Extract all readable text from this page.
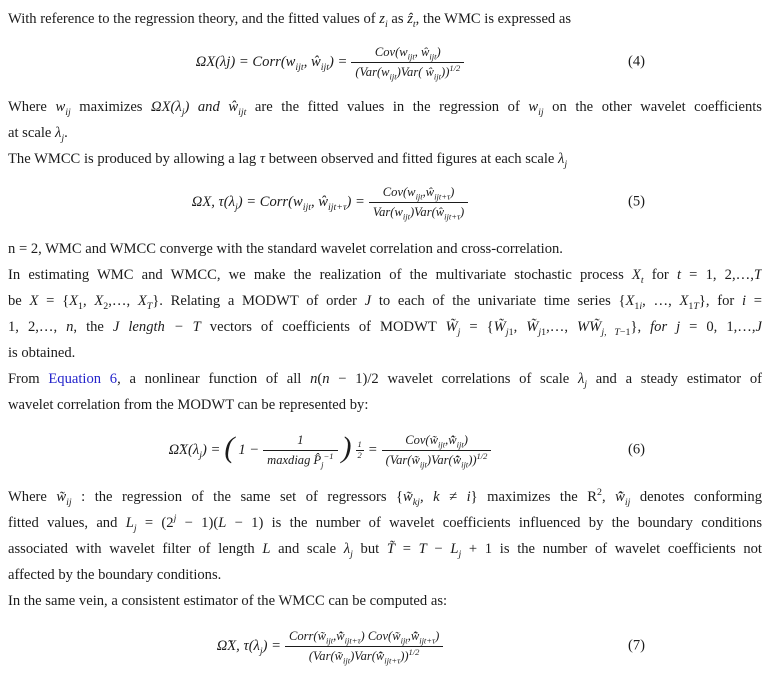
With reference to the regression theory, and the fitted values of $z_i$ as ẑ$_t$, the WMC is expressed as

$\Omega X(\lambda j) = Corr(w_{ijt}$, $ŵ_{ijt}) = \frac{Cov(w_{ijt}, ŵ_{ijt})}{(Var(w_{ijt})Var( ŵ_{ijt}))^{1/2}}$	(4)

Where $w_{ij}$ maximizes $\Omega X(\lambda_j)$ and $ŵ_{ijt}$ are the fitted values in the regression of $w_{ij}$ on the other wavelet coefficients

at scale $\lambda_j$.

The WMCC is produced by allowing a lag τ between observed and fitted figures at each scale $\lambda_j$

ΩX, $\tau(\lambda_j)$ = $Corr(w_{ijt}$, $ŵ_{ijt+\tau}) = \frac{Cov(w_{ijt},ŵ_{ijt+\tau})}{Var(w_{ijt})Var(ŵ_{ijt+\tau})}$	(5)

n = 2, WMC and WMCC converge with the standard wavelet correlation and cross-correlation.

In estimating WMC and WMCC, we make the realization of the multivariate stochastic process $X_t$ for t = 1, 2,…,T

be $X = \{X_1$, $X_2,\dots$, $X_T$}. Relating a MODWT of order J to each of the univariate time series {$X_{1i}$, …, $X_{1T}$}, for i =

1, 2,…, n, the J length − T vectors of coefficients of MODWT $W̃_j$ = {$W̃_{j1}$, $W̃_{j1},\dots$, $WW̃_{j, T-1}$}, for j = 0, 1,…,J

is obtained.

From Equation 6, a nonlinear function of all n(n − 1)/2 wavelet correlations of scale $\lambda_j$ and a steady estimator of

wavelet correlation from the MODWT can be represented by:

$\OmegãX(\lambda_j)$ = ( $1 - \frac{1}{maxdiag P̂_j^{-1}}$ ) $\frac{1}{2} = \frac{Cov(w̃_{ijt},w̃̂_{ijt})}{(Var(w̃_{ijt})Var(w̃̂_{ijt}))^{1/2}}$	(6)

Where $w̃_{ij}$ : the regression of the same set of regressors {$w̃_{kj}$, k ≠ i} maximizes the $R^2$, $w̃̂_{ij}$ denotes conforming

fitted values, and $L_j = (2^j - 1)(L - 1)$ is the number of wavelet coefficients influenced by the boundary conditions

associated with wavelet filter of length L and scale $\lambda_j$ but T̃ = $T - L_j + 1$ is the number of wavelet coefficients not

affected by the boundary conditions.

In the same vein, a consistent estimator of the WMCC can be computed as:

Ω̃X, $\tau(\lambda_j) = \frac{Corr(w̃_{ijt},w̃̂_{ijt+\tau}) Cov(w̃_{ijt},w̃̂_{ijt+\tau})}{(Var(w̃_{ijt})Var(w̃̂_{ijt+\tau}))^{1/2}}$	(7)
